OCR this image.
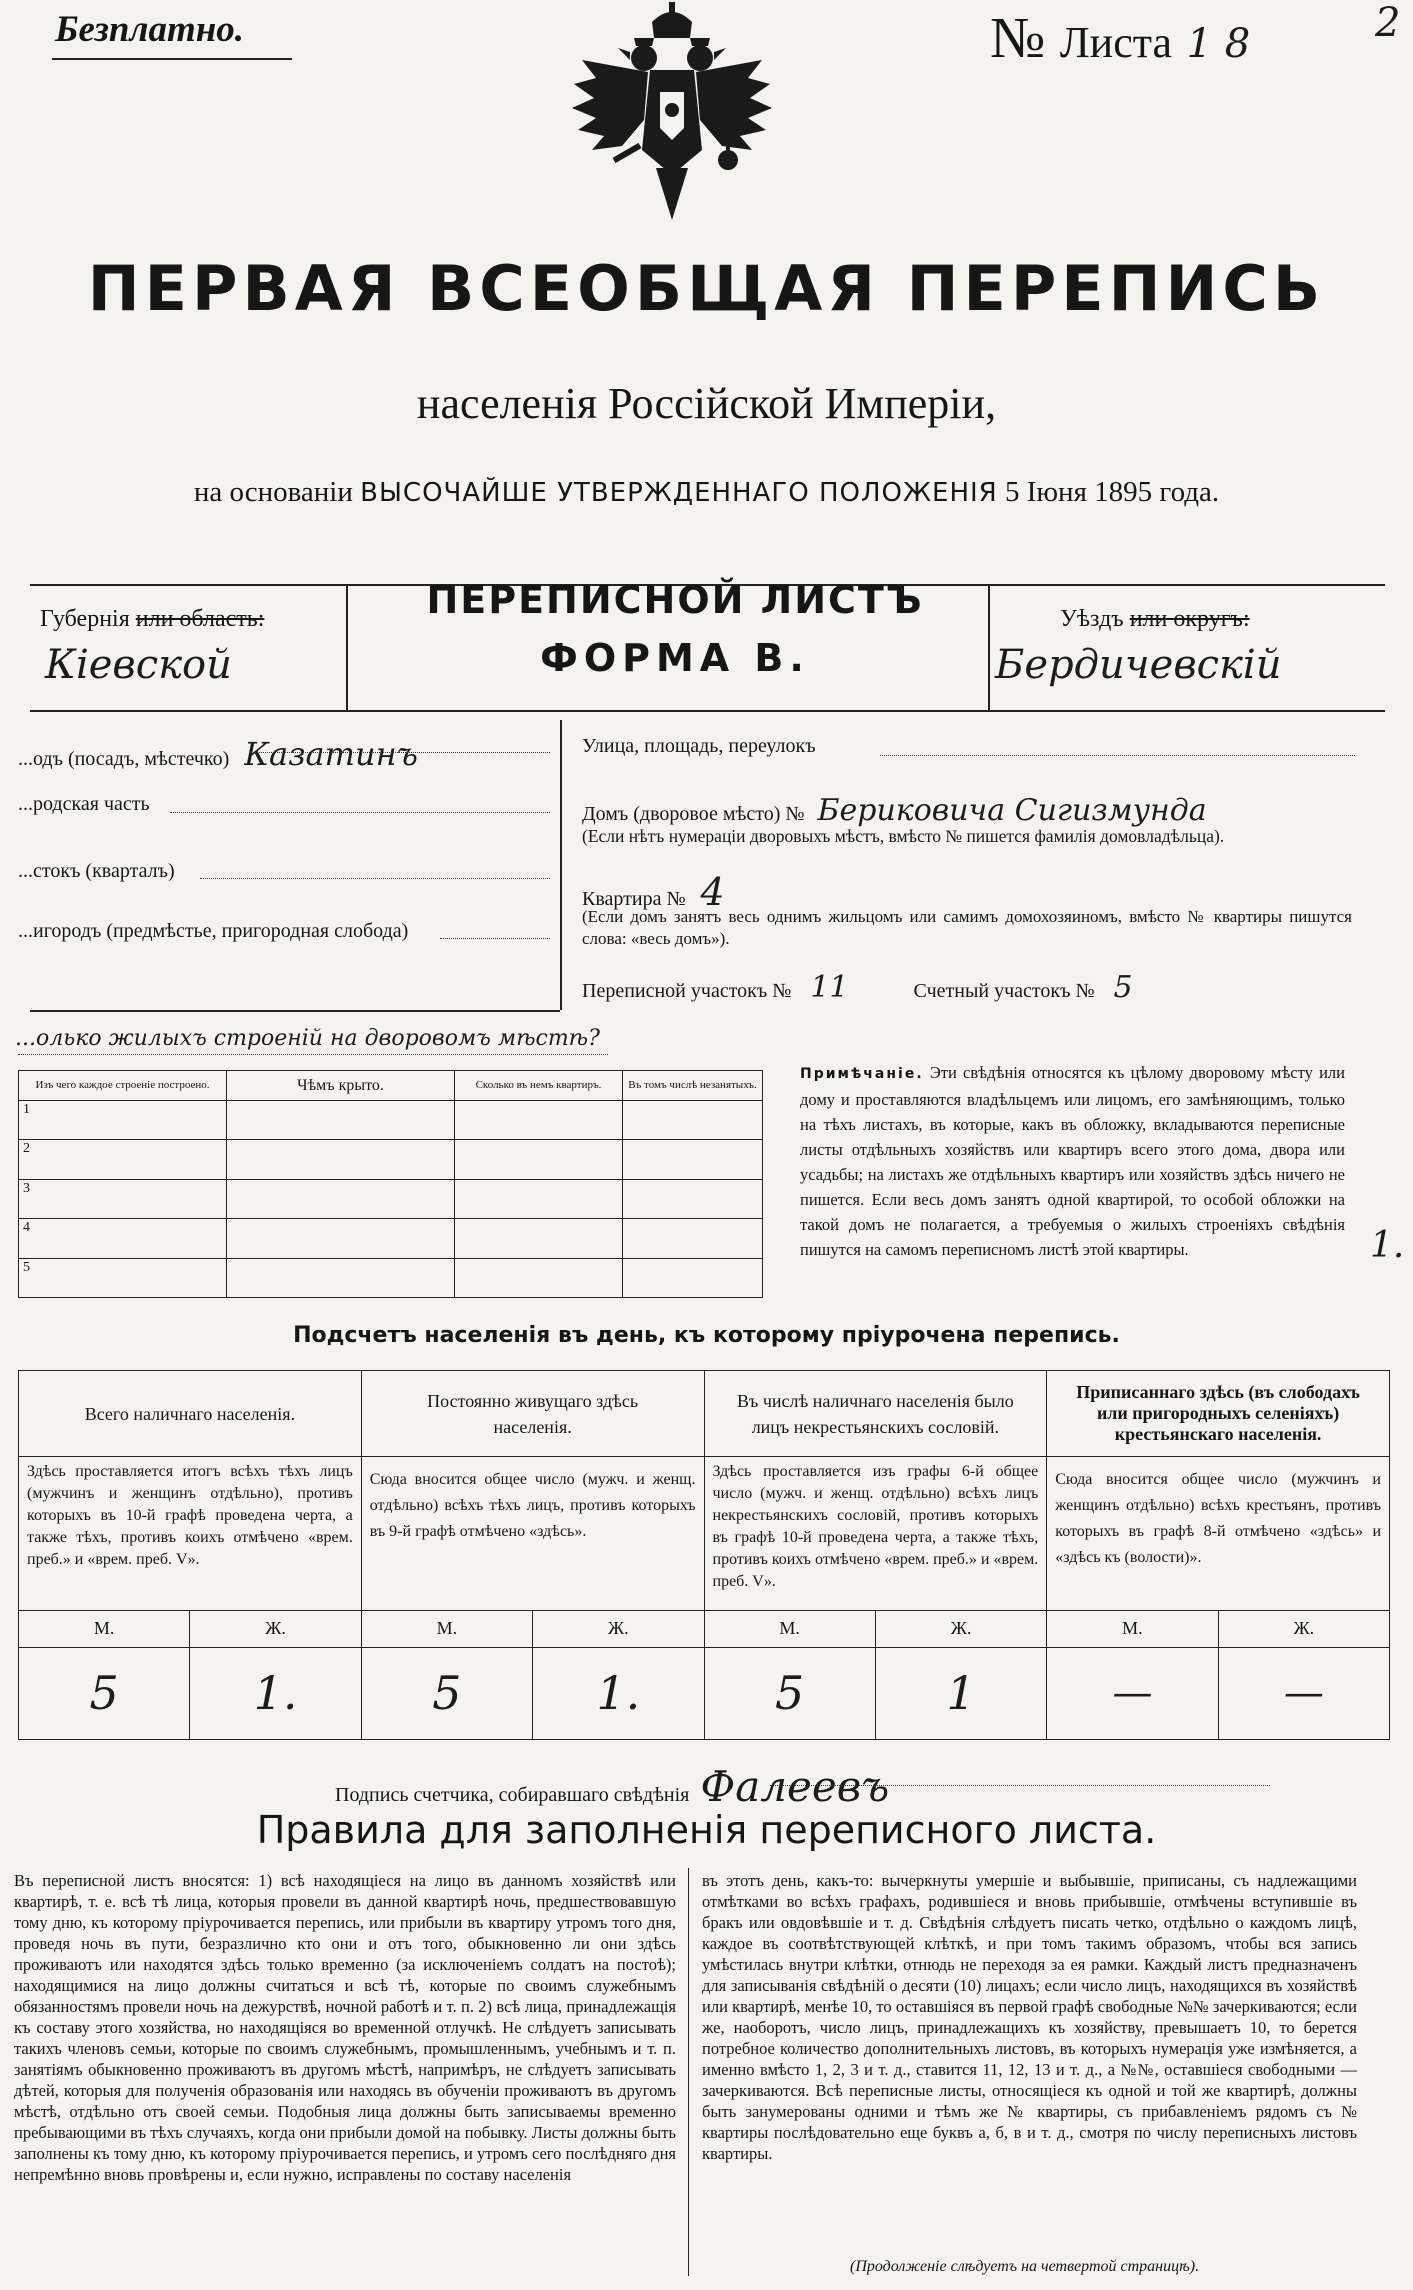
Безплатно.	№ Листа 1 8	2
ПЕРВАЯ ВСЕОБЩАЯ ПЕРЕПИСЬ
населенія Россійской Имперіи,
на основаніи ВЫСОЧАЙШЕ УТВЕРЖДЕННАГО ПОЛОЖЕНІЯ 5 Іюня 1895 года.
Губернія или область:
Кіевской
ПЕРЕПИСНОЙ ЛИСТЪ
ФОРМА В.
Уѣздъ или округъ:
Бердичевскій
...одъ (посадъ, мѣстечко) Казатинъ
...родская часть
...стокъ (кварталъ)
...игородъ (предмѣстье, пригородная слобода)
Улица, площадь, переулокъ
Домъ (дворовое мѣсто) № Бериковича Сигизмунда
(Если нѣтъ нумераціи дворовыхъ мѣстъ, вмѣсто № пишется фамилія домовладѣльца).
Квартира № 4
(Если домъ занятъ весь однимъ жильцомъ или самимъ домохозяиномъ, вмѣсто № квартиры пишутся слова: «весь домъ»).
Переписной участокъ № 11	Счетный участокъ № 5
...олько жилыхъ строеній на дворовомъ мѣстѣ?
Изъ чего каждое строеніе построено.	Чѣмъ крыто.	Сколько въ немъ квартиръ.	Въ томъ числѣ незанятыхъ.
1			
2			
3			
4			
5			
Примѣчаніе. Эти свѣдѣнія относятся къ цѣлому дворовому мѣсту или дому и проставляются владѣльцемъ или лицомъ, его замѣняющимъ, только на тѣхъ листахъ, въ которые, какъ въ обложку, вкладываются переписные листы отдѣльныхъ хозяйствъ или квартиръ всего этого дома, двора или усадьбы; на листахъ же отдѣльныхъ квартиръ или хозяйствъ здѣсь ничего не пишется. Если весь домъ занятъ одной квартирой, то особой обложки на такой домъ не полагается, а требуемыя о жилыхъ строеніяхъ свѣдѣнія пишутся на самомъ переписномъ листѣ этой квартиры.	1.
Подсчетъ населенія въ день, къ которому пріурочена перепись.
Всего наличнаго населенія.		Постоянно живущаго здѣсь населенія.		Въ числѣ наличнаго населенія было лицъ некрестьянскихъ сословій.		Приписаннаго здѣсь (въ слободахъ или пригородныхъ селеніяхъ) крестьянскаго населенія.	
Здѣсь проставляется итогъ всѣхъ тѣхъ лицъ (мужчинъ и женщинъ отдѣльно), противъ которыхъ въ 10-й графѣ проведена черта, а также тѣхъ, противъ коихъ отмѣчено «врем. преб.» и «врем. преб. V».		Сюда вносится общее число (мужч. и женщ. отдѣльно) всѣхъ тѣхъ лицъ, противъ которыхъ въ 9-й графѣ отмѣчено «здѣсь».		Здѣсь проставляется изъ графы 6-й общее число (мужч. и женщ. отдѣльно) всѣхъ лицъ некрестьянскихъ сословій, противъ которыхъ въ графѣ 10-й проведена черта, а также тѣхъ, противъ коихъ отмѣчено «врем. преб.» и «врем. преб. V».		Сюда вносится общее число (мужчинъ и женщинъ отдѣльно) всѣхъ крестьянъ, противъ которыхъ въ графѣ 8-й отмѣчено «здѣсь» и «здѣсь къ (волости)».	
М.	Ж.	М.	Ж.	М.	Ж.	М.	Ж.
5	1.	5	1.	5	1	—	—
Подпись счетчика, собиравшаго свѣдѣнія Фалеевъ
Правила для заполненія переписного листа.
Въ переписной листъ вносятся: 1) всѣ находящіеся на лицо въ данномъ хозяйствѣ или квартирѣ, т. е. всѣ тѣ лица, которыя провели въ данной квартирѣ ночь, предшествовавшую тому дню, къ которому пріурочивается перепись, или прибыли въ квартиру утромъ того дня, проведя ночь въ пути, безразлично кто они и отъ того, обыкновенно ли они здѣсь проживаютъ или находятся здѣсь только временно (за исключеніемъ солдатъ на постоѣ); находящимися на лицо должны считаться и всѣ тѣ, которые по своимъ служебнымъ обязанностямъ провели ночь на дежурствѣ, ночной работѣ и т. п. 2) всѣ лица, принадлежащія къ составу этого хозяйства, но находящіяся во временной отлучкѣ. Не слѣдуетъ записывать такихъ членовъ семьи, которые по своимъ служебнымъ, промышленнымъ, учебнымъ и т. п. занятіямъ обыкновенно проживаютъ въ другомъ мѣстѣ, напримѣръ, не слѣдуетъ записывать дѣтей, которыя для полученія образованія или находясь въ обученіи проживаютъ въ другомъ мѣстѣ, отдѣльно отъ своей семьи. Подобныя лица должны быть записываемы временно пребывающими въ тѣхъ случаяхъ, когда они прибыли домой на побывку. Листы должны быть заполнены къ тому дню, къ которому пріурочивается перепись, и утромъ сего послѣдняго дня непремѣнно вновь провѣрены и, если нужно, исправлены по составу населенія
въ этотъ день, какъ-то: вычеркнуты умершіе и выбывшіе, приписаны, съ надлежащими отмѣтками во всѣхъ графахъ, родившіеся и вновь прибывшіе, отмѣчены вступившіе въ бракъ или овдовѣвшіе и т. д. Свѣдѣнія слѣдуетъ писать четко, отдѣльно о каждомъ лицѣ, каждое въ соотвѣтствующей клѣткѣ, и при томъ такимъ образомъ, чтобы вся запись умѣстилась внутри клѣтки, отнюдь не переходя за ея рамки. Каждый листъ предназначенъ для записыванія свѣдѣній о десяти (10) лицахъ; если число лицъ, находящихся въ хозяйствѣ или квартирѣ, менѣе 10, то оставшіяся въ первой графѣ свободные №№ зачеркиваются; если же, наоборотъ, число лицъ, принадлежащихъ къ хозяйству, превышаетъ 10, то берется потребное количество дополнительныхъ листовъ, въ которыхъ нумерація уже измѣняется, а именно вмѣсто 1, 2, 3 и т. д., ставится 11, 12, 13 и т. д., а №№, оставшіеся свободными — зачеркиваются. Всѣ переписные листы, относящіеся къ одной и той же квартирѣ, должны быть занумерованы одними и тѣмъ же № квартиры, съ прибавленіемъ рядомъ съ № квартиры послѣдовательно еще буквъ а, б, в и т. д., смотря по числу переписныхъ листовъ квартиры.
(Продолженіе слѣдуетъ на четвертой страницѣ).
